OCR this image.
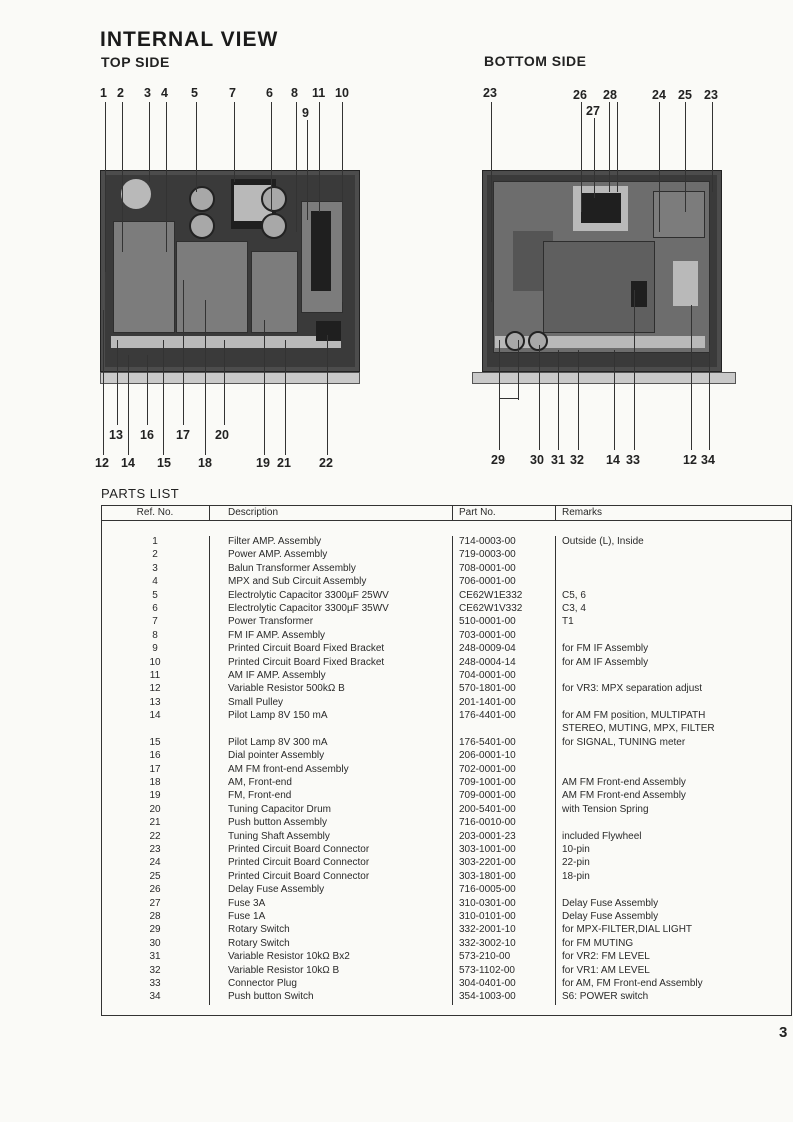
INTERNAL VIEW
TOP SIDE	BOTTOM SIDE
1 2 3 4 5 7 6 8 11 10
9
13 16 17 20
12 14 15 18	19 21 22
23	26
27
28	24 25 23
29 30 31 32 14 33	12 34
PARTS LIST
Ref. No.	Description	Part No.	Remarks

1	Filter AMP. Assembly	714-0003-00	Outside (L), Inside
2	Power AMP. Assembly	719-0003-00	
3	Balun Transformer Assembly	708-0001-00	
4	MPX and Sub Circuit Assembly	706-0001-00	
5	Electrolytic Capacitor 3300µF 25WV	CE62W1E332	C5, 6
6	Electrolytic Capacitor 3300µF 35WV	CE62W1V332	C3, 4
7	Power Transformer	510-0001-00	T1
8	FM IF AMP. Assembly	703-0001-00	
9	Printed Circuit Board Fixed Bracket	248-0009-04	for FM IF Assembly
10	Printed Circuit Board Fixed Bracket	248-0004-14	for AM IF Assembly
11	AM IF AMP. Assembly	704-0001-00	
12	Variable Resistor 500kΩ B	570-1801-00	for VR3: MPX separation adjust
13	Small Pulley	201-1401-00	
14	Pilot Lamp 8V 150 mA	176-4401-00	for AM FM position, MULTIPATH
			STEREO, MUTING, MPX, FILTER
15	Pilot Lamp 8V 300 mA	176-5401-00	for SIGNAL, TUNING meter
16	Dial pointer Assembly	206-0001-10	
17	AM FM front-end Assembly	702-0001-00	
18	AM, Front-end	709-1001-00	AM FM Front-end Assembly
19	FM, Front-end	709-0001-00	AM FM Front-end Assembly
20	Tuning Capacitor Drum	200-5401-00	with Tension Spring
21	Push button Assembly	716-0010-00	
22	Tuning Shaft Assembly	203-0001-23	included Flywheel
23	Printed Circuit Board Connector	303-1001-00	10-pin
24	Printed Circuit Board Connector	303-2201-00	22-pin
25	Printed Circuit Board Connector	303-1801-00	18-pin
26	Delay Fuse Assembly	716-0005-00	
27	Fuse 3A	310-0301-00	Delay Fuse Assembly
28	Fuse 1A	310-0101-00	Delay Fuse Assembly
29	Rotary Switch	332-2001-10	for MPX-FILTER,DIAL LIGHT
30	Rotary Switch	332-3002-10	for FM MUTING
31	Variable Resistor 10kΩ Bx2	573-210-00	for VR2: FM LEVEL
32	Variable Resistor 10kΩ B	573-1102-00	for VR1: AM LEVEL
33	Connector Plug	304-0401-00	for AM, FM Front-end Assembly
34	Push button Switch	354-1003-00	S6: POWER switch
3
